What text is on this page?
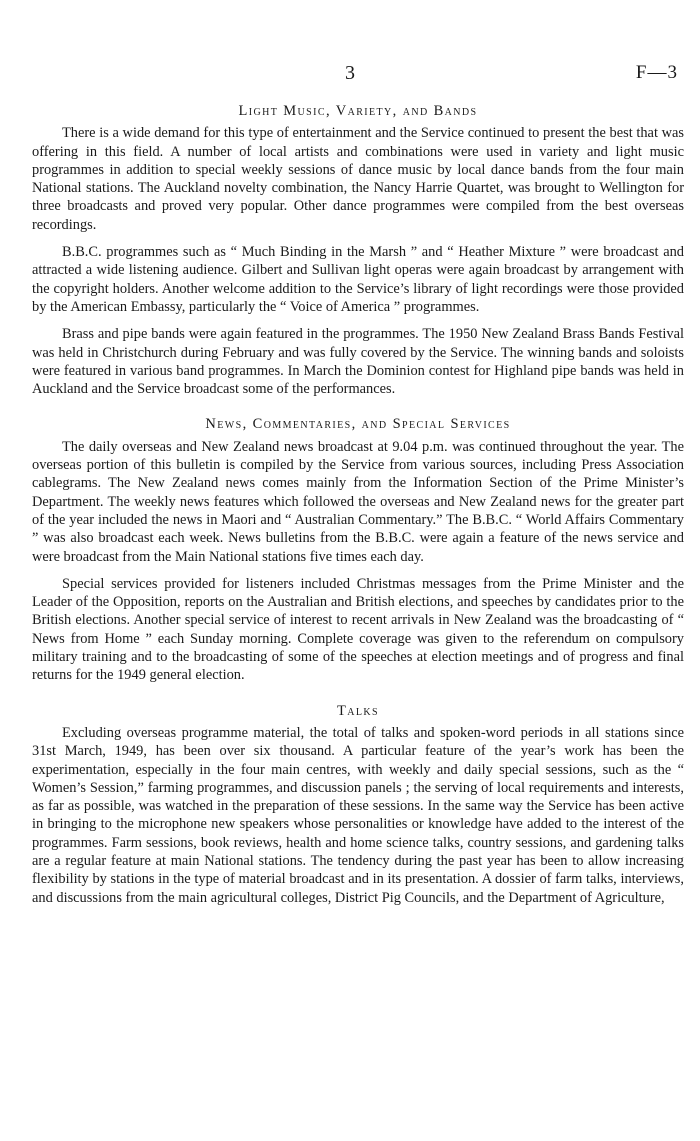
3	F—3
Light Music, Variety, and Bands

There is a wide demand for this type of entertainment and the Service continued to present the best that was offering in this field. A number of local artists and combinations were used in variety and light music programmes in addition to special weekly sessions of dance music by local dance bands from the four main National stations. The Auckland novelty combination, the Nancy Harrie Quartet, was brought to Wellington for three broadcasts and proved very popular. Other dance programmes were compiled from the best overseas recordings.

B.B.C. programmes such as “ Much Binding in the Marsh ” and “ Heather Mixture ” were broadcast and attracted a wide listening audience. Gilbert and Sullivan light operas were again broadcast by arrangement with the copyright holders. Another welcome addition to the Service’s library of light recordings were those provided by the American Embassy, particularly the “ Voice of America ” programmes.

Brass and pipe bands were again featured in the programmes. The 1950 New Zealand Brass Bands Festival was held in Christchurch during February and was fully covered by the Service. The winning bands and soloists were featured in various band programmes. In March the Dominion contest for Highland pipe bands was held in Auckland and the Service broadcast some of the performances.

News, Commentaries, and Special Services

The daily overseas and New Zealand news broadcast at 9.04 p.m. was continued throughout the year. The overseas portion of this bulletin is compiled by the Service from various sources, including Press Association cablegrams. The New Zealand news comes mainly from the Information Section of the Prime Minister’s Department. The weekly news features which followed the overseas and New Zealand news for the greater part of the year included the news in Maori and “ Australian Commentary.” The B.B.C. “ World Affairs Commentary ” was also broadcast each week. News bulletins from the B.B.C. were again a feature of the news service and were broadcast from the Main National stations five times each day.

Special services provided for listeners included Christmas messages from the Prime Minister and the Leader of the Opposition, reports on the Australian and British elections, and speeches by candidates prior to the British elections. Another special service of interest to recent arrivals in New Zealand was the broadcasting of “ News from Home ” each Sunday morning. Complete coverage was given to the referendum on compulsory military training and to the broadcasting of some of the speeches at election meetings and of progress and final returns for the 1949 general election.

Talks

Excluding overseas programme material, the total of talks and spoken-word periods in all stations since 31st March, 1949, has been over six thousand. A particular feature of the year’s work has been the experimentation, especially in the four main centres, with weekly and daily special sessions, such as the “ Women’s Session,” farming programmes, and discussion panels ; the serving of local requirements and interests, as far as possible, was watched in the preparation of these sessions. In the same way the Service has been active in bringing to the microphone new speakers whose personalities or knowledge have added to the interest of the programmes. Farm sessions, book reviews, health and home science talks, country sessions, and gardening talks are a regular feature at main National stations. The tendency during the past year has been to allow increasing flexibility by stations in the type of material broadcast and in its presentation. A dossier of farm talks, interviews, and discussions from the main agricultural colleges, District Pig Councils, and the Department of Agriculture,
